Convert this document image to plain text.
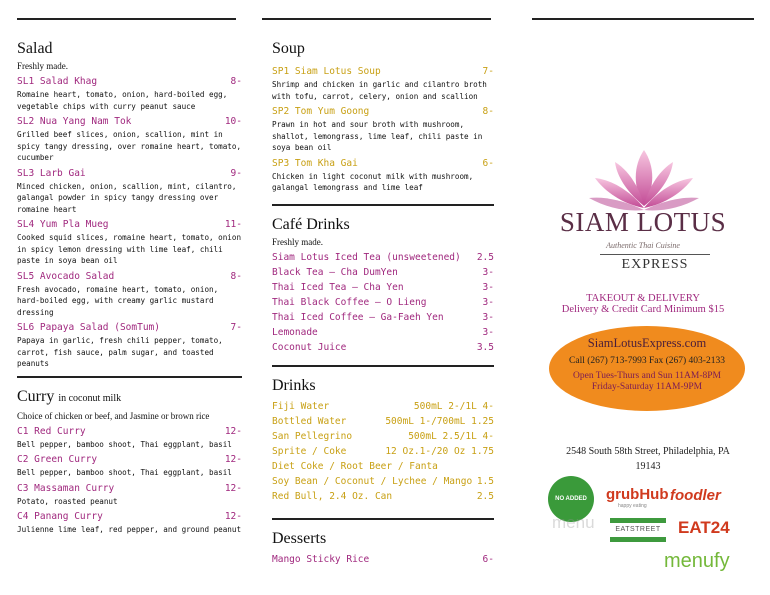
Salad
Freshly made.
SL1 Salad Khag	8-
Romaine heart, tomato, onion, hard-boiled egg, vegetable chips with curry peanut sauce
SL2 Nua Yang Nam Tok	10-
Grilled beef slices, onion, scallion, mint in spicy tangy dressing, over romaine heart, tomato, cucumber
SL3 Larb Gai	9-
Minced chicken, onion, scallion, mint, cilantro, galangal powder in spicy tangy dressing over romaine heart
SL4 Yum Pla Mueg	11-
Cooked squid slices, romaine heart, tomato, onion in spicy lemon dressing with lime leaf, chili paste in soya bean oil
SL5 Avocado Salad	8-
Fresh avocado, romaine heart, tomato, onion, hard-boiled egg, with creamy garlic mustard dressing
SL6 Papaya Salad (SomTum)	7-
Papaya in garlic, fresh chili pepper, tomato, carrot, fish sauce, palm sugar, and toasted peanuts
Curry in coconut milk
Choice of chicken or beef, and Jasmine or brown rice
C1 Red Curry	12-
Bell pepper, bamboo shoot, Thai eggplant, basil
C2 Green Curry	12-
Bell pepper, bamboo shoot, Thai eggplant, basil
C3 Massaman Curry	12-
Potato, roasted peanut
C4 Panang Curry	12-
Julienne lime leaf, red pepper, and ground peanut
Soup
SP1 Siam Lotus Soup	7-
Shrimp and chicken in garlic and cilantro broth with tofu, carrot, celery, onion and scallion
SP2 Tom Yum Goong	8-
Prawn in hot and sour broth with mushroom, shallot, lemongrass, lime leaf, chili paste in soya bean oil
SP3 Tom Kha Gai	6-
Chicken in light coconut milk with mushroom, galangal lemongrass and lime leaf
Café Drinks
Freshly made.
Siam Lotus Iced Tea (unsweetened) 2.5
Black Tea — Cha DumYen	3-
Thai Iced Tea — Cha Yen	3-
Thai Black Coffee — O Lieng	3-
Thai Iced Coffee — Ga-Faeh Yen	3-
Lemonade	3-
Coconut Juice	3.5
Drinks
Fiji Water	500mL 2-/1L 4-
Bottled Water	500mL 1-/700mL 1.25
San Pellegrino	500mL 2.5/1L 4-
Sprite / Coke	12 Oz.1-/20 Oz 1.75
Diet Coke / Root Beer / Fanta
Soy Bean / Coconut / Lychee / Mango 1.5
Red Bull, 2.4 Oz. Can	2.5
Desserts
Mango Sticky Rice	6-
SIAM LOTUS
Authentic Thai Cuisine
EXPRESS
TAKEOUT & DELIVERY
Delivery & Credit Card Minimum $15
SiamLotusExpress.com
Call (267) 713-7993 Fax (267) 403-2133
Open Tues-Thurs and Sun 11AM-8PM
Friday-Saturday 11AM-9PM
2548 South 58th Street, Philadelphia, PA
19143
NO ADDED MSG
grubHub
happy eating
foodler
menu	EATSTREET	EAT24
menufy
